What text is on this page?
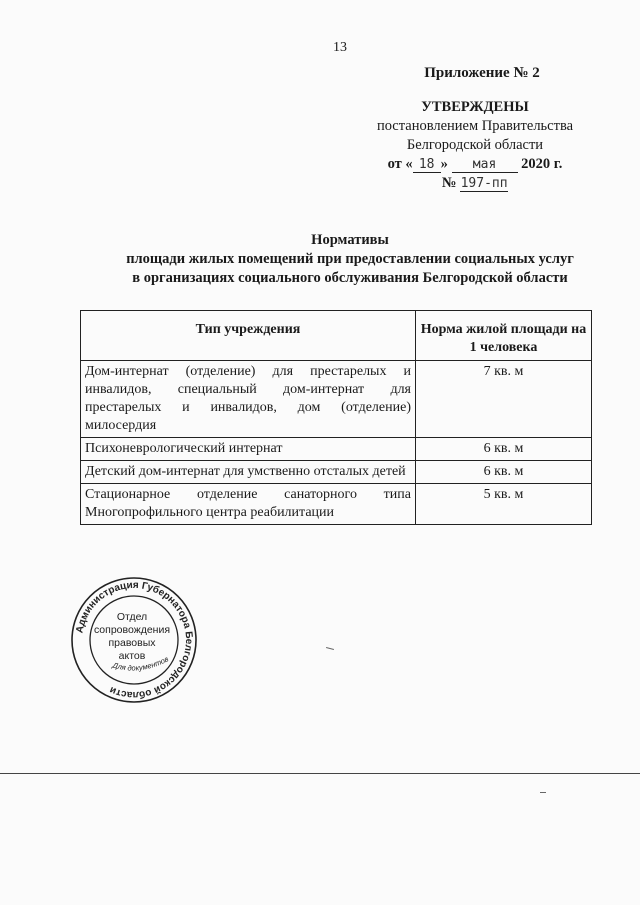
13
Приложение № 2
УТВЕРЖДЕНЫ
постановлением Правительства
Белгородской области
от « 18 » мая 2020 г.
№ 197-пп
Нормативы
площади жилых помещений при предоставлении социальных услуг
в организациях социального обслуживания Белгородской области
Тип учреждения	Норма жилой площади на 1 человека
Дом-интернат (отделение) для престарелых и инвалидов, специальный дом-интернат для престарелых и инвалидов, дом (отделение) милосердия	7 кв. м
Психоневрологический интернат	6 кв. м
Детский дом-интернат для умственно отсталых детей	6 кв. м
Стационарное отделение санаторного типа Многопрофильного центра реабилитации	5 кв. м
Администрация Губернатора Белгородской области
Отдел
сопровождения
правовых
актов
Для документов
